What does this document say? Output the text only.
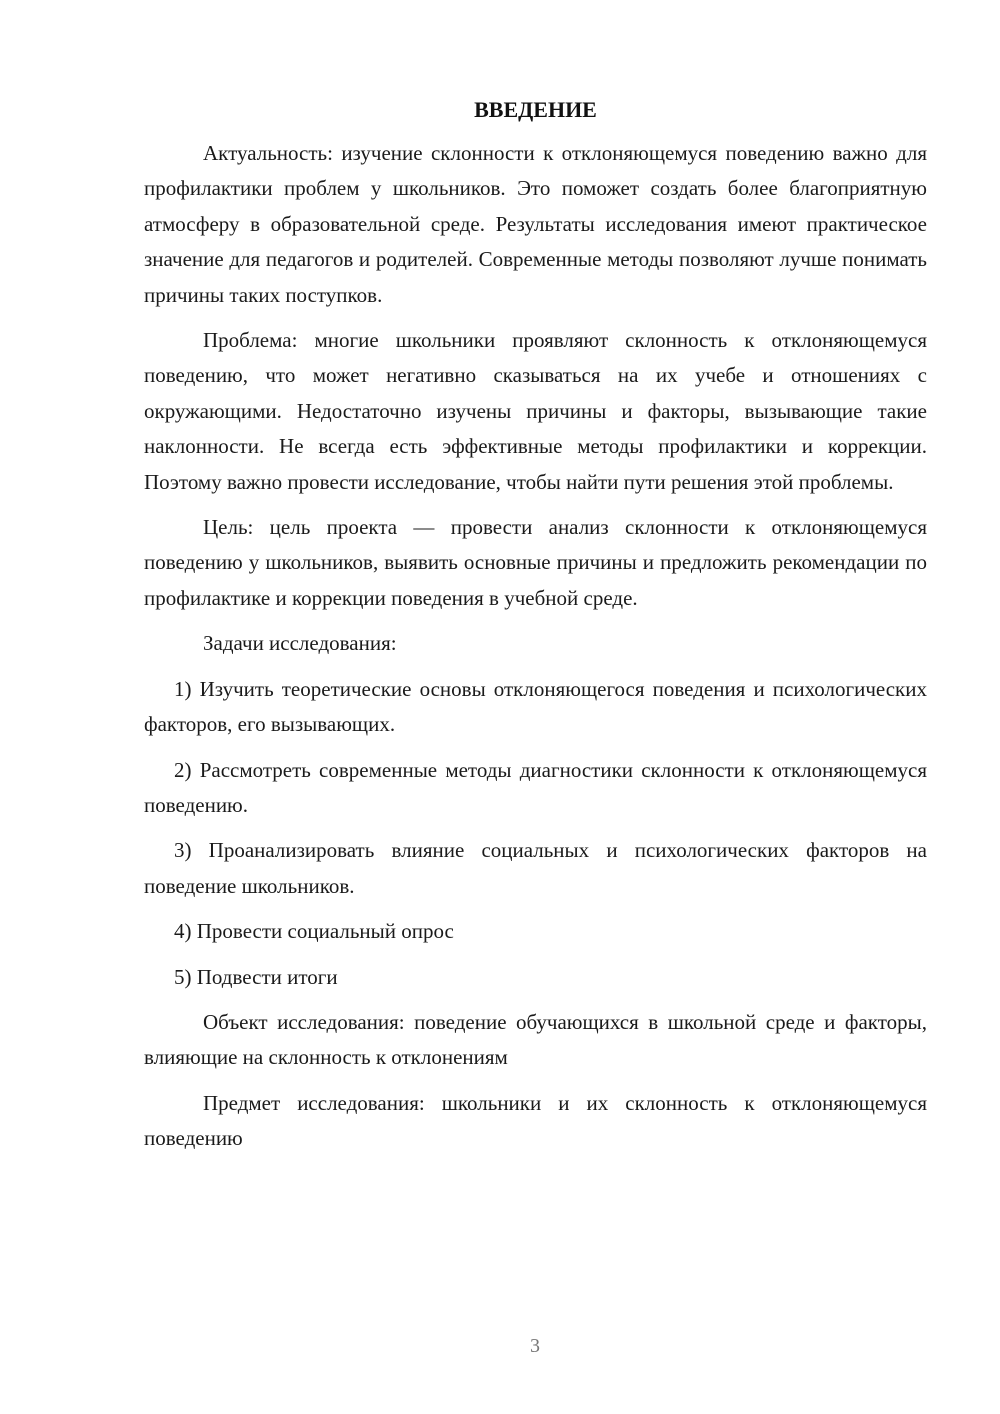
ВВЕДЕНИЕ

Актуальность: изучение склонности к отклоняющемуся поведению важно для профилактики проблем у школьников. Это поможет создать более благоприятную атмосферу в образовательной среде. Результаты исследования имеют практическое значение для педагогов и родителей. Современные методы позволяют лучше понимать причины таких поступков.

Проблема: многие школьники проявляют склонность к отклоняющемуся поведению, что может негативно сказываться на их учебе и отношениях с окружающими. Недостаточно изучены причины и факторы, вызывающие такие наклонности. Не всегда есть эффективные методы профилактики и коррекции. Поэтому важно провести исследование, чтобы найти пути решения этой проблемы.

Цель: цель проекта — провести анализ склонности к отклоняющемуся поведению у школьников, выявить основные причины и предложить рекомендации по профилактике и коррекции поведения в учебной среде.

Задачи исследования:

1) Изучить теоретические основы отклоняющегося поведения и психологических факторов, его вызывающих.

2) Рассмотреть современные методы диагностики склонности к отклоняющемуся поведению.

3) Проанализировать влияние социальных и психологических факторов на поведение школьников.

4) Провести социальный опрос

5) Подвести итоги

Объект исследования: поведение обучающихся в школьной среде и факторы, влияющие на склонность к отклонениям

Предмет исследования: школьники и их склонность к отклоняющемуся поведению

3
